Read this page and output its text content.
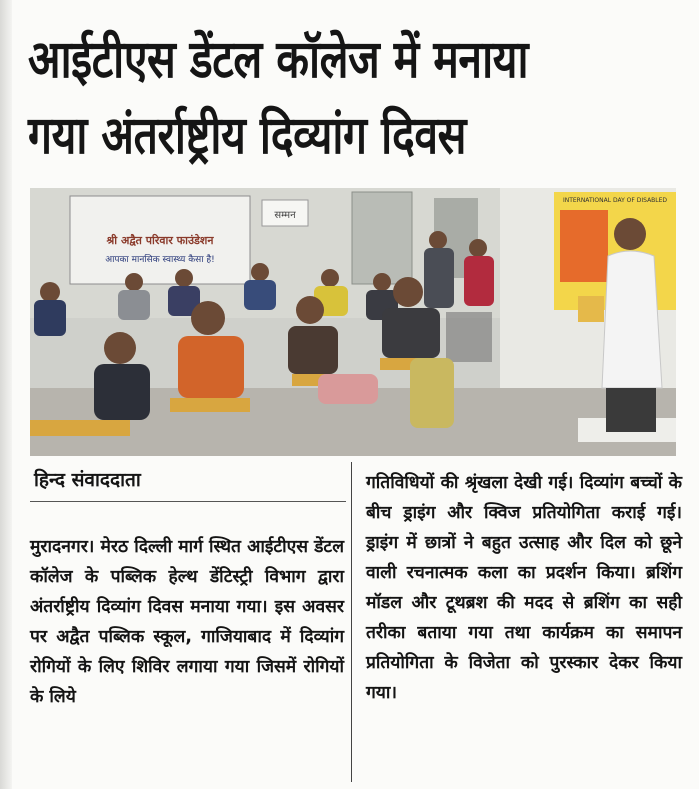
आईटीएस डेंटल कॉलेज में मनाया
गया अंतर्राष्ट्रीय दिव्यांग दिवस
श्री अद्वैत परिवार फाउंडेशन
आपका मानसिक स्वास्थ्य कैसा है!
सम्मन
INTERNATIONAL DAY OF DISABLED
हिन्द संवाददाता

मुरादनगर। मेरठ दिल्ली मार्ग स्थित आईटीएस डेंटल कॉलेज के पब्लिक हेल्थ डेंटिस्ट्री विभाग द्वारा अंतर्राष्ट्रीय दिव्यांग दिवस मनाया गया। इस अवसर पर अद्वैत पब्लिक स्कूल, गाजियाबाद में दिव्यांग रोगियों के लिए शिविर लगाया गया जिसमें रोगियों के लिये

गतिविधियों की श्रृंखला देखी गई। दिव्यांग बच्चों के बीच ड्राइंग और क्विज प्रतियोगिता कराई गई। ड्राइंग में छात्रों ने बहुत उत्साह और दिल को छूने वाली रचनात्मक कला का प्रदर्शन किया। ब्रशिंग मॉडल और टूथब्रश की मदद से ब्रशिंग का सही तरीका बताया गया तथा कार्यक्रम का समापन प्रतियोगिता के विजेता को पुरस्कार देकर किया गया।
